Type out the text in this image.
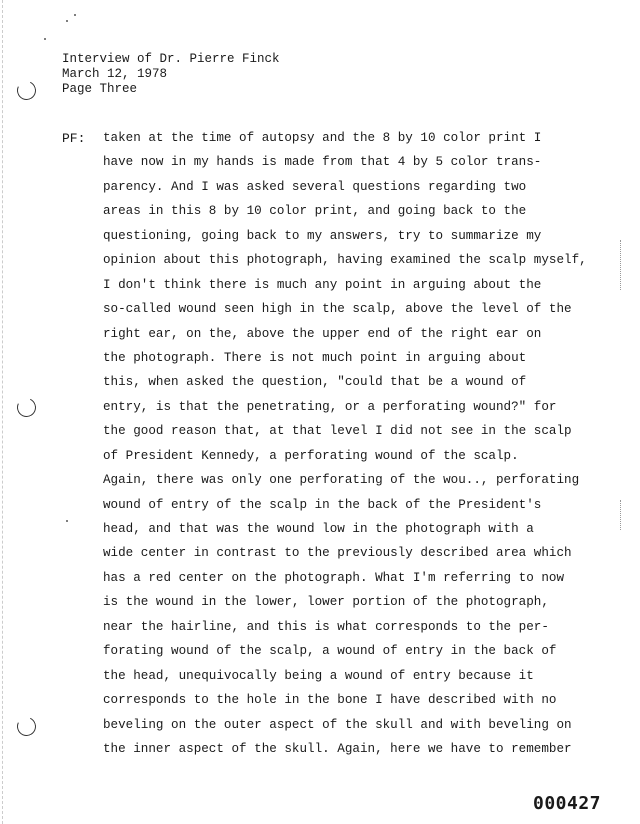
Interview of Dr. Pierre Finck
March 12, 1978
Page Three
PF: taken at the time of autopsy and the 8 by 10 color print I
have now in my hands is made from that 4 by 5 color trans-
parency. And I was asked several questions regarding two
areas in this 8 by 10 color print, and going back to the
questioning, going back to my answers, try to summarize my
opinion about this photograph, having examined the scalp myself,
I don't think there is much any point in arguing about the
so-called wound seen high in the scalp, above the level of the
right ear, on the, above the upper end of the right ear on
the photograph. There is not much point in arguing about
this, when asked the question, "could that be a wound of
entry, is that the penetrating, or a perforating wound?" for
the good reason that, at that level I did not see in the scalp
of President Kennedy, a perforating wound of the scalp.
Again, there was only one perforating of the wou.., perforating
wound of entry of the scalp in the back of the President's
head, and that was the wound low in the photograph with a
wide center in contrast to the previously described area which
has a red center on the photograph. What I'm referring to now
is the wound in the lower, lower portion of the photograph,
near the hairline, and this is what corresponds to the per-
forating wound of the scalp, a wound of entry in the back of
the head, unequivocally being a wound of entry because it
corresponds to the hole in the bone I have described with no
beveling on the outer aspect of the skull and with beveling on
the inner aspect of the skull. Again, here we have to remember
000427
